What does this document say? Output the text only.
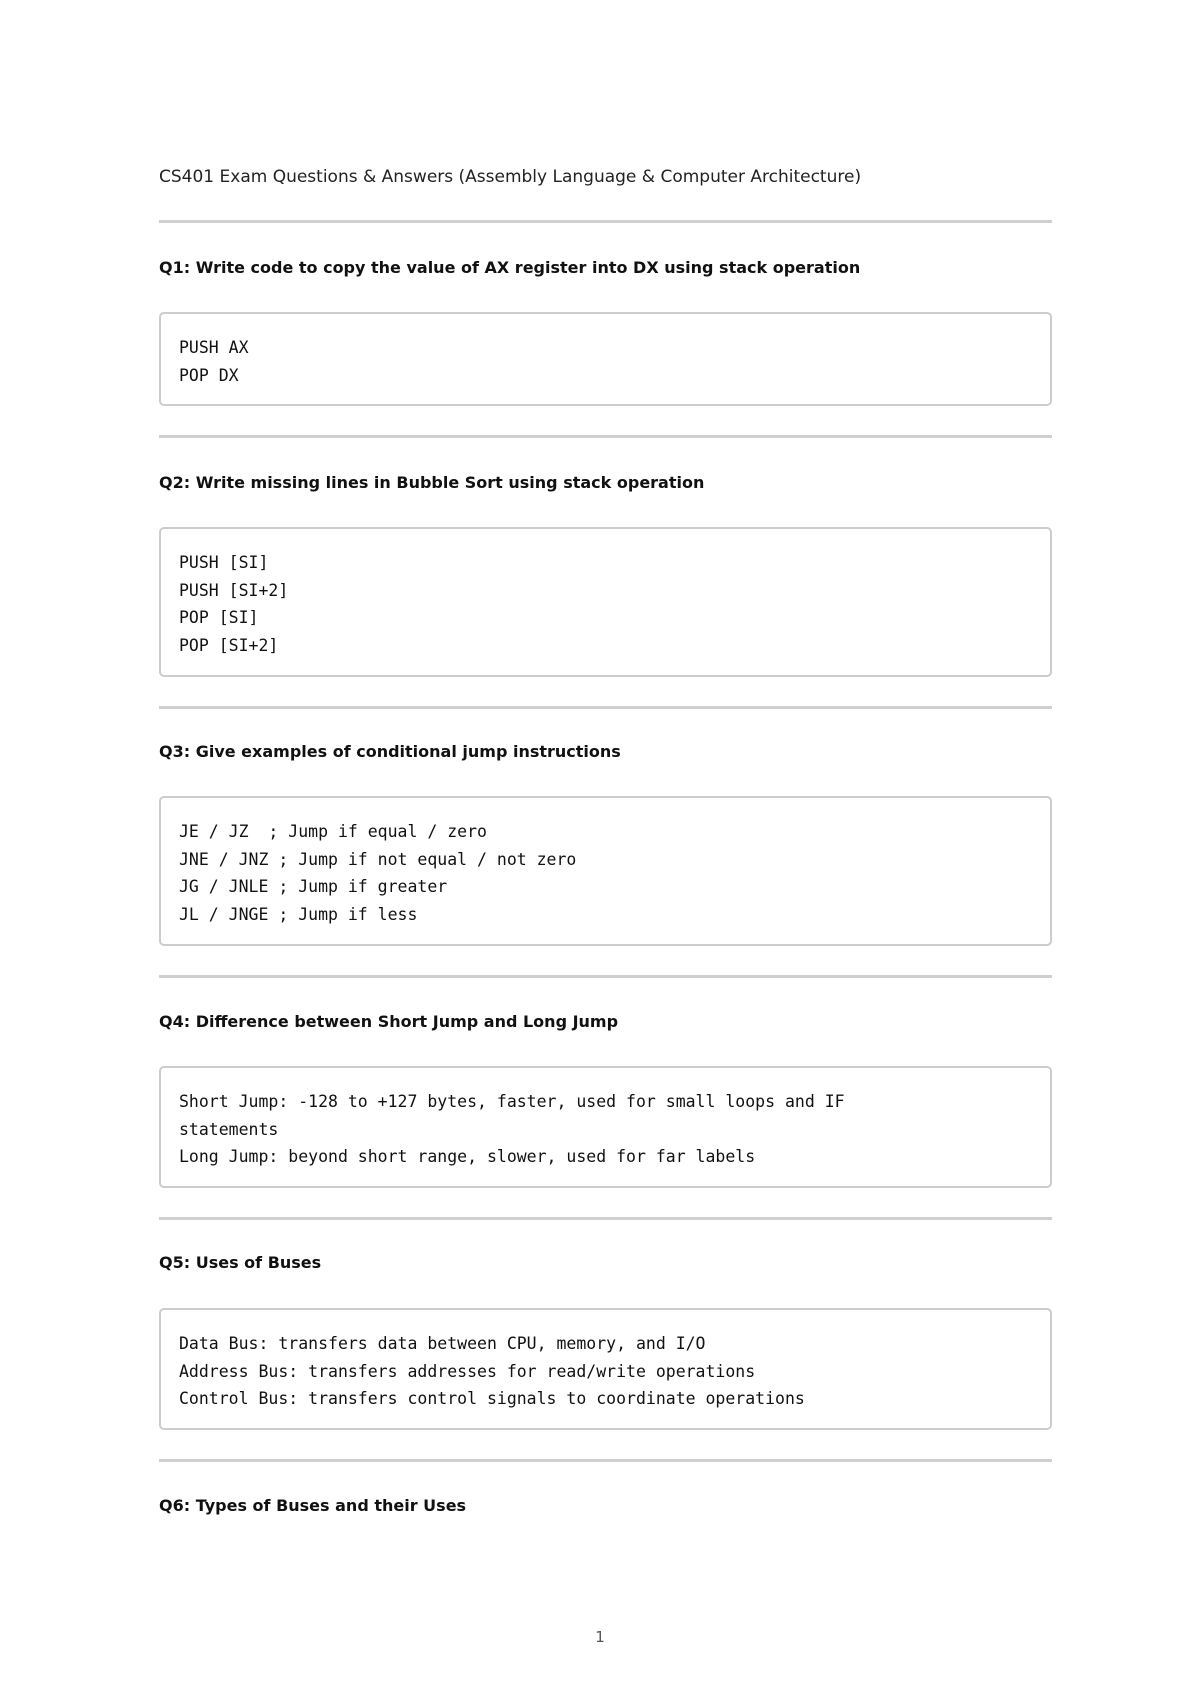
CS401 Exam Questions & Answers (Assembly Language & Computer Architecture)
Q1: Write code to copy the value of AX register into DX using stack operation
PUSH AX
POP DX
Q2: Write missing lines in Bubble Sort using stack operation
PUSH [SI]
PUSH [SI+2]
POP [SI]
POP [SI+2]
Q3: Give examples of conditional jump instructions
JE / JZ  ; Jump if equal / zero
JNE / JNZ ; Jump if not equal / not zero
JG / JNLE ; Jump if greater
JL / JNGE ; Jump if less
Q4: Difference between Short Jump and Long Jump
Short Jump: -128 to +127 bytes, faster, used for small loops and IF
statements
Long Jump: beyond short range, slower, used for far labels
Q5: Uses of Buses
Data Bus: transfers data between CPU, memory, and I/O
Address Bus: transfers addresses for read/write operations
Control Bus: transfers control signals to coordinate operations
Q6: Types of Buses and their Uses
1
